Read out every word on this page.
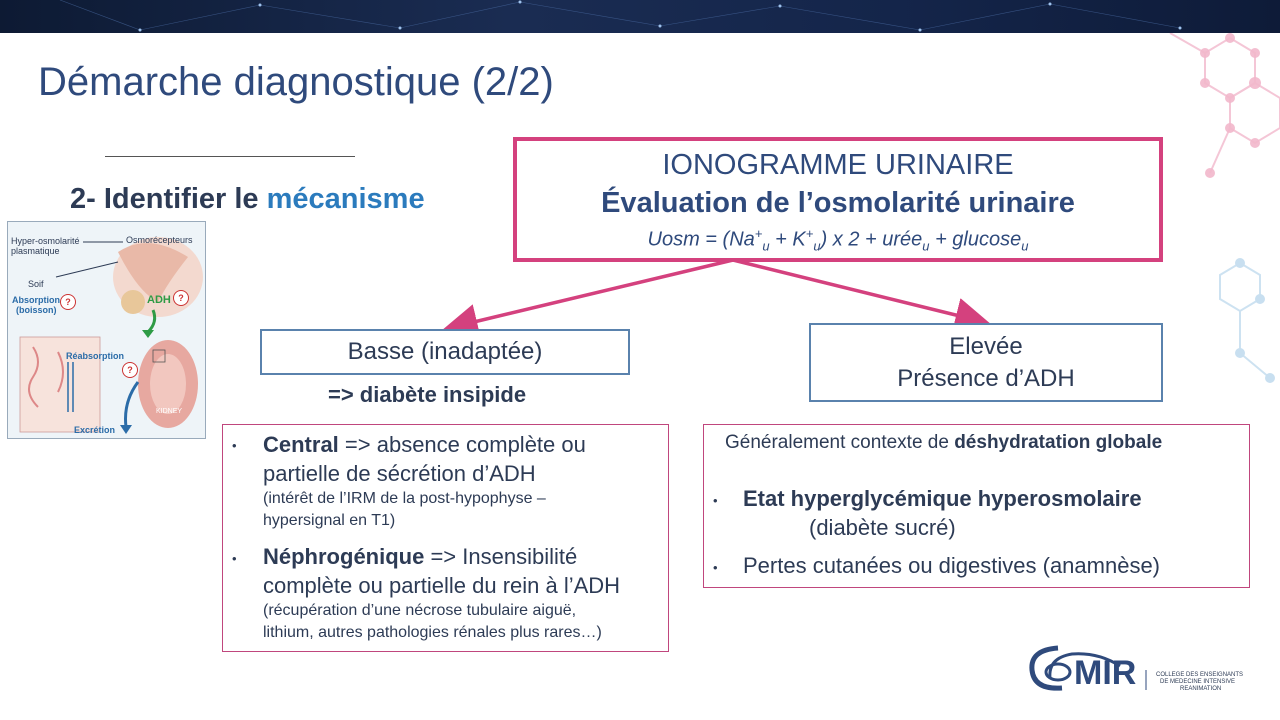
Démarche diagnostique (2/2)
2- Identifier le mécanisme
Hyper-osmolarité
plasmatique
Osmorécepteurs
Soif
Absorption
(boisson)
ADH
Réabsorption
Excrétion
KIDNEY
?	?
?
IONOGRAMME URINAIRE
Évaluation de l’osmolarité urinaire
Uosm = $(Na^+_u + K^+_u)$ x 2 + urée$_u$ + glucose$_u$
Basse (inadaptée)
=> diabète insipide
Elevée
Présence d’ADH
• Central => absence complète ou
partielle de sécrétion d’ADH
(intérêt de l’IRM de la post-hypophyse –
hypersignal en T1)
• Néphrogénique => Insensibilité
complète ou partielle du rein à l’ADH
(récupération d’une nécrose tubulaire aiguë,
lithium, autres pathologies rénales plus rares…)
Généralement contexte de déshydratation globale
• Etat hyperglycémique hyperosmolaire
(diabète sucré)
• Pertes cutanées ou digestives (anamnèse)
MIR	COLLEGE DES ENSEIGNANTS
DE MEDECINE INTENSIVE
REANIMATION
